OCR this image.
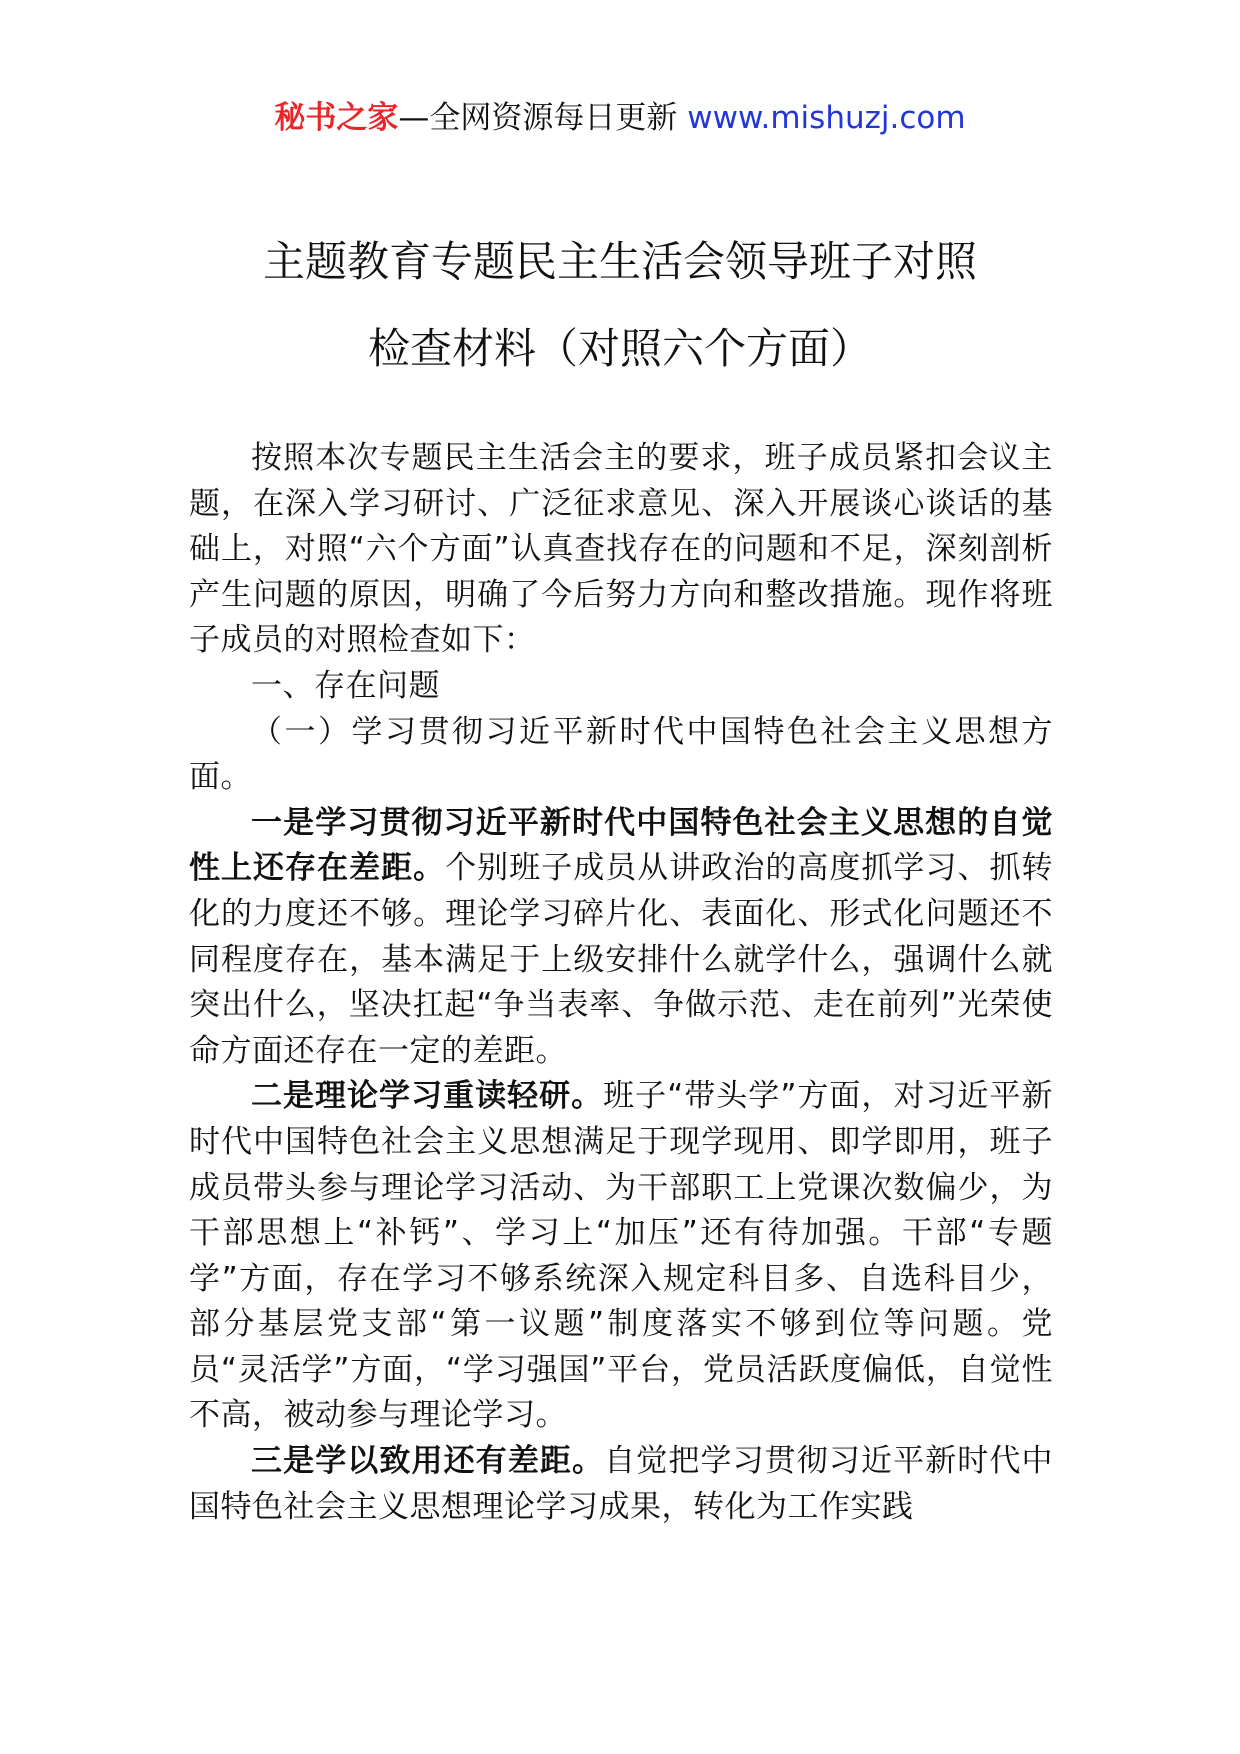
秘书之家—全网资源每日更新 www.mishuzj.com
主题教育专题民主生活会领导班子对照
检查材料（对照六个方面）

按照本次专题民主生活会主的要求，班子成员紧扣会议主题，在深入学习研讨、广泛征求意见、深入开展谈心谈话的基础上，对照“六个方面”认真查找存在的问题和不足，深刻剖析产生问题的原因，明确了今后努力方向和整改措施。现作将班子成员的对照检查如下：

一、存在问题

（一）学习贯彻习近平新时代中国特色社会主义思想方面。

一是学习贯彻习近平新时代中国特色社会主义思想的自觉性上还存在差距。个别班子成员从讲政治的高度抓学习、抓转化的力度还不够。理论学习碎片化、表面化、形式化问题还不同程度存在，基本满足于上级安排什么就学什么，强调什么就突出什么，坚决扛起“争当表率、争做示范、走在前列”光荣使命方面还存在一定的差距。

二是理论学习重读轻研。班子“带头学”方面，对习近平新时代中国特色社会主义思想满足于现学现用、即学即用，班子成员带头参与理论学习活动、为干部职工上党课次数偏少，为干部思想上“补钙”、学习上“加压”还有待加强。干部“专题学”方面，存在学习不够系统深入规定科目多、自选科目少，部分基层党支部“第一议题”制度落实不够到位等问题。党员“灵活学”方面，“学习强国”平台，党员活跃度偏低，自觉性不高，被动参与理论学习。

三是学以致用还有差距。自觉把学习贯彻习近平新时代中国特色社会主义思想理论学习成果，转化为工作实践
